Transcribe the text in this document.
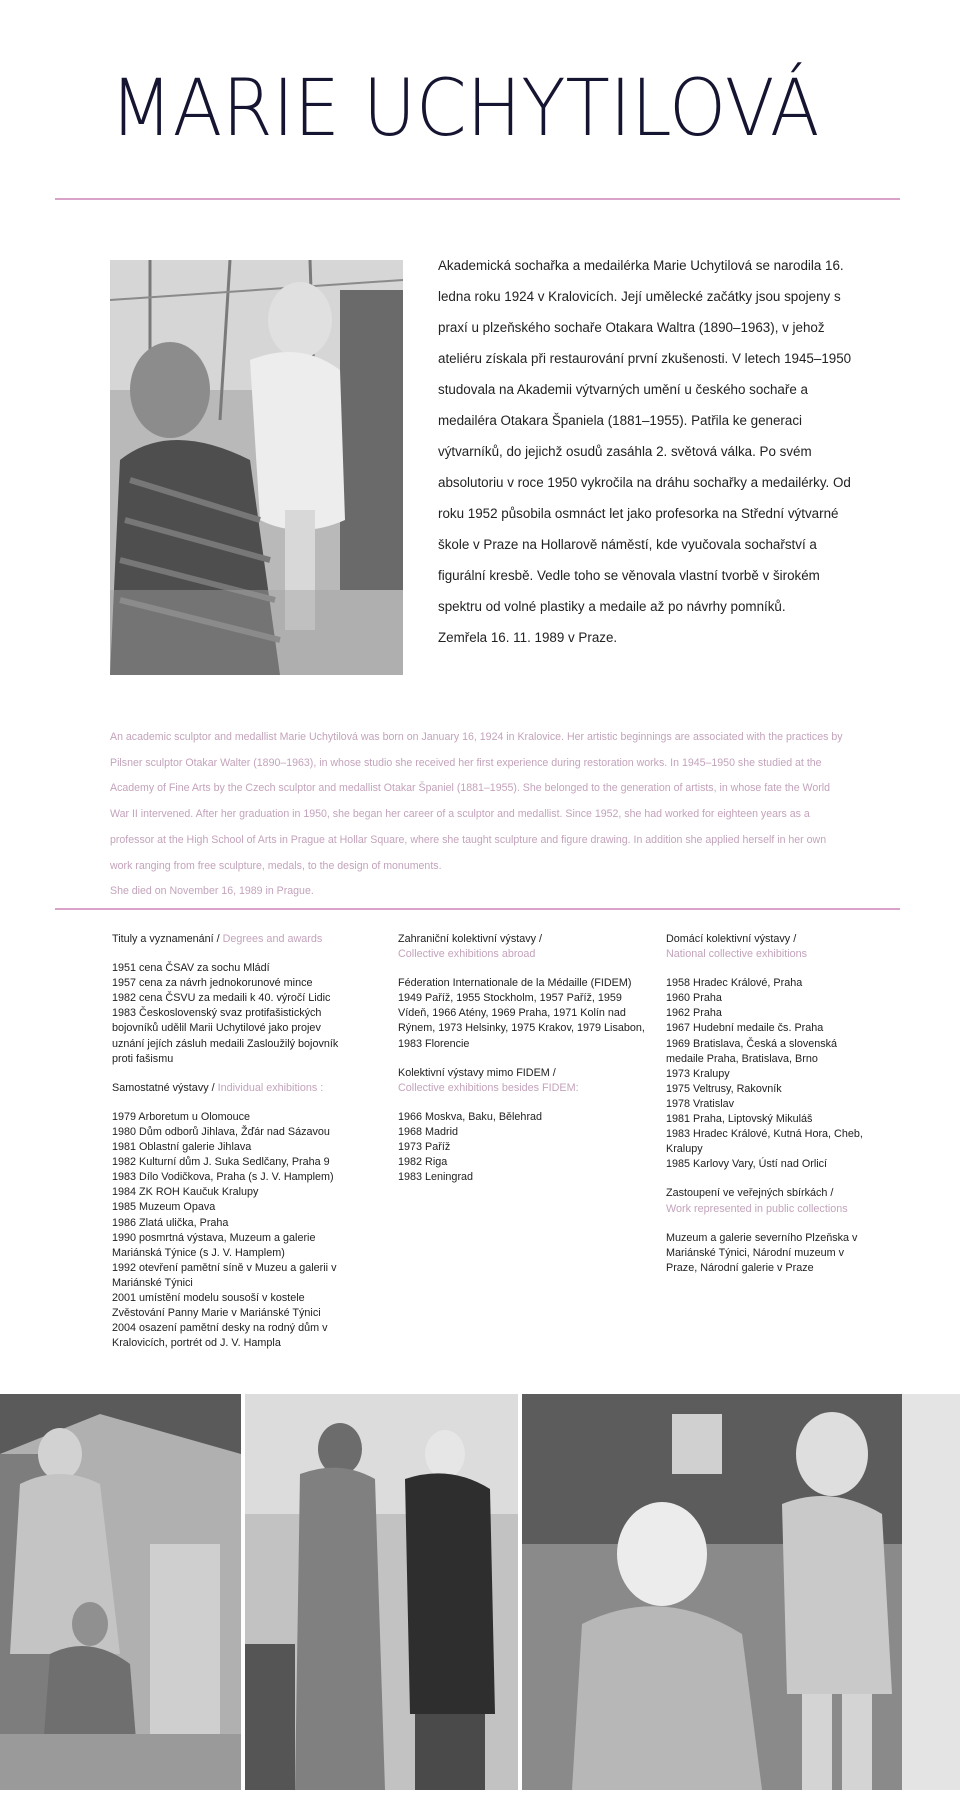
MARIE UCHYTILOVÁ

Akademická sochařka a medailérka Marie Uchytilová se narodila 16. ledna roku 1924 v Kralovicích. Její umělecké začátky jsou spojeny s praxí u plzeňského sochaře Otakara Waltra (1890–1963), v jehož ateliéru získala při restaurování první zkušenosti. V letech 1945–1950 studovala na Akademii výtvarných umění u českého sochaře a medailéra Otakara Španiela (1881–1955). Patřila ke generaci výtvarníků, do jejichž osudů zasáhla 2. světová válka. Po svém absolutoriu v roce 1950 vykročila na dráhu sochařky a medailérky. Od roku 1952 působila osmnáct let jako profesorka na Střední výtvarné škole v Praze na Hollarově náměstí, kde vyučovala sochařství a figurální kresbě. Vedle toho se věnovala vlastní tvorbě v širokém spektru od volné plastiky a medaile až po návrhy pomníků.

Zemřela 16. 11. 1989 v Praze.

An academic sculptor and medallist Marie Uchytilová was born on January 16, 1924 in Kralovice. Her artistic beginnings are associated with the practices by Pilsner sculptor Otakar Walter (1890–1963), in whose studio she received her first experience during restoration works. In 1945–1950 she studied at the Academy of Fine Arts by the Czech sculptor and medallist Otakar Španiel (1881–1955). She belonged to the generation of artists, in whose fate the World War II intervened. After her graduation in 1950, she began her career of a sculptor and medallist. Since 1952, she had worked for eighteen years as a professor at the High School of Arts in Prague at Hollar Square, where she taught sculpture and figure drawing. In addition she applied herself in her own work ranging from free sculpture, medals, to the design of monuments.

She died on November 16, 1989 in Prague.

Tituly a vyznamenání / Degrees and awards

1951 cena ČSAV za sochu Mládí
1957 cena za návrh jednokorunové mince
1982 cena ČSVU za medaili k 40. výročí Lidic
1983 Československý svaz protifašistických bojovníků udělil Marii Uchytilové jako projev uznání jejích zásluh medaili Zasloužilý bojovník proti fašismu

Samostatné výstavy / Individual exhibitions :

1979 Arboretum u Olomouce
1980 Dům odborů Jihlava, Žďár nad Sázavou
1981 Oblastní galerie Jihlava
1982 Kulturní dům J. Suka Sedlčany, Praha 9
1983 Dílo Vodičkova, Praha (s J. V. Hamplem)
1984 ZK ROH Kaučuk Kralupy
1985 Muzeum Opava
1986 Zlatá ulička, Praha
1990 posmrtná výstava, Muzeum a galerie Mariánská Týnice (s J. V. Hamplem)
1992 otevření pamětní síně v Muzeu a galerii v Mariánské Týnici
2001 umístění modelu sousoší v kostele Zvěstování Panny Marie v Mariánské Týnici
2004 osazení pamětní desky na rodný dům v Kralovicích, portrét od J. V. Hampla

Zahraniční kolektivní výstavy /
Collective exhibitions abroad

Féderation Internationale de la Médaille (FIDEM)
1949 Paříž, 1955 Stockholm, 1957 Paříž, 1959 Vídeň, 1966 Atény, 1969 Praha, 1971 Kolín nad Rýnem, 1973 Helsinky, 1975 Krakov, 1979 Lisabon, 1983 Florencie

Kolektivní výstavy mimo FIDEM /
Collective exhibitions besides FIDEM:

1966 Moskva, Baku, Bělehrad
1968 Madrid
1973 Paříž
1982 Riga
1983 Leningrad

Domácí kolektivní výstavy /
National collective exhibitions

1958 Hradec Králové, Praha
1960 Praha
1962 Praha
1967 Hudební medaile čs. Praha
1969 Bratislava, Česká a slovenská medaile Praha, Bratislava, Brno
1973 Kralupy
1975 Veltrusy, Rakovník
1978 Vratislav
1981 Praha, Liptovský Mikuláš
1983 Hradec Králové, Kutná Hora, Cheb, Kralupy
1985 Karlovy Vary, Ústí nad Orlicí

Zastoupení ve veřejných sbírkách /
Work represented in public collections

Muzeum a galerie severního Plzeňska v Mariánské Týnici, Národní muzeum v Praze, Národní galerie v Praze
